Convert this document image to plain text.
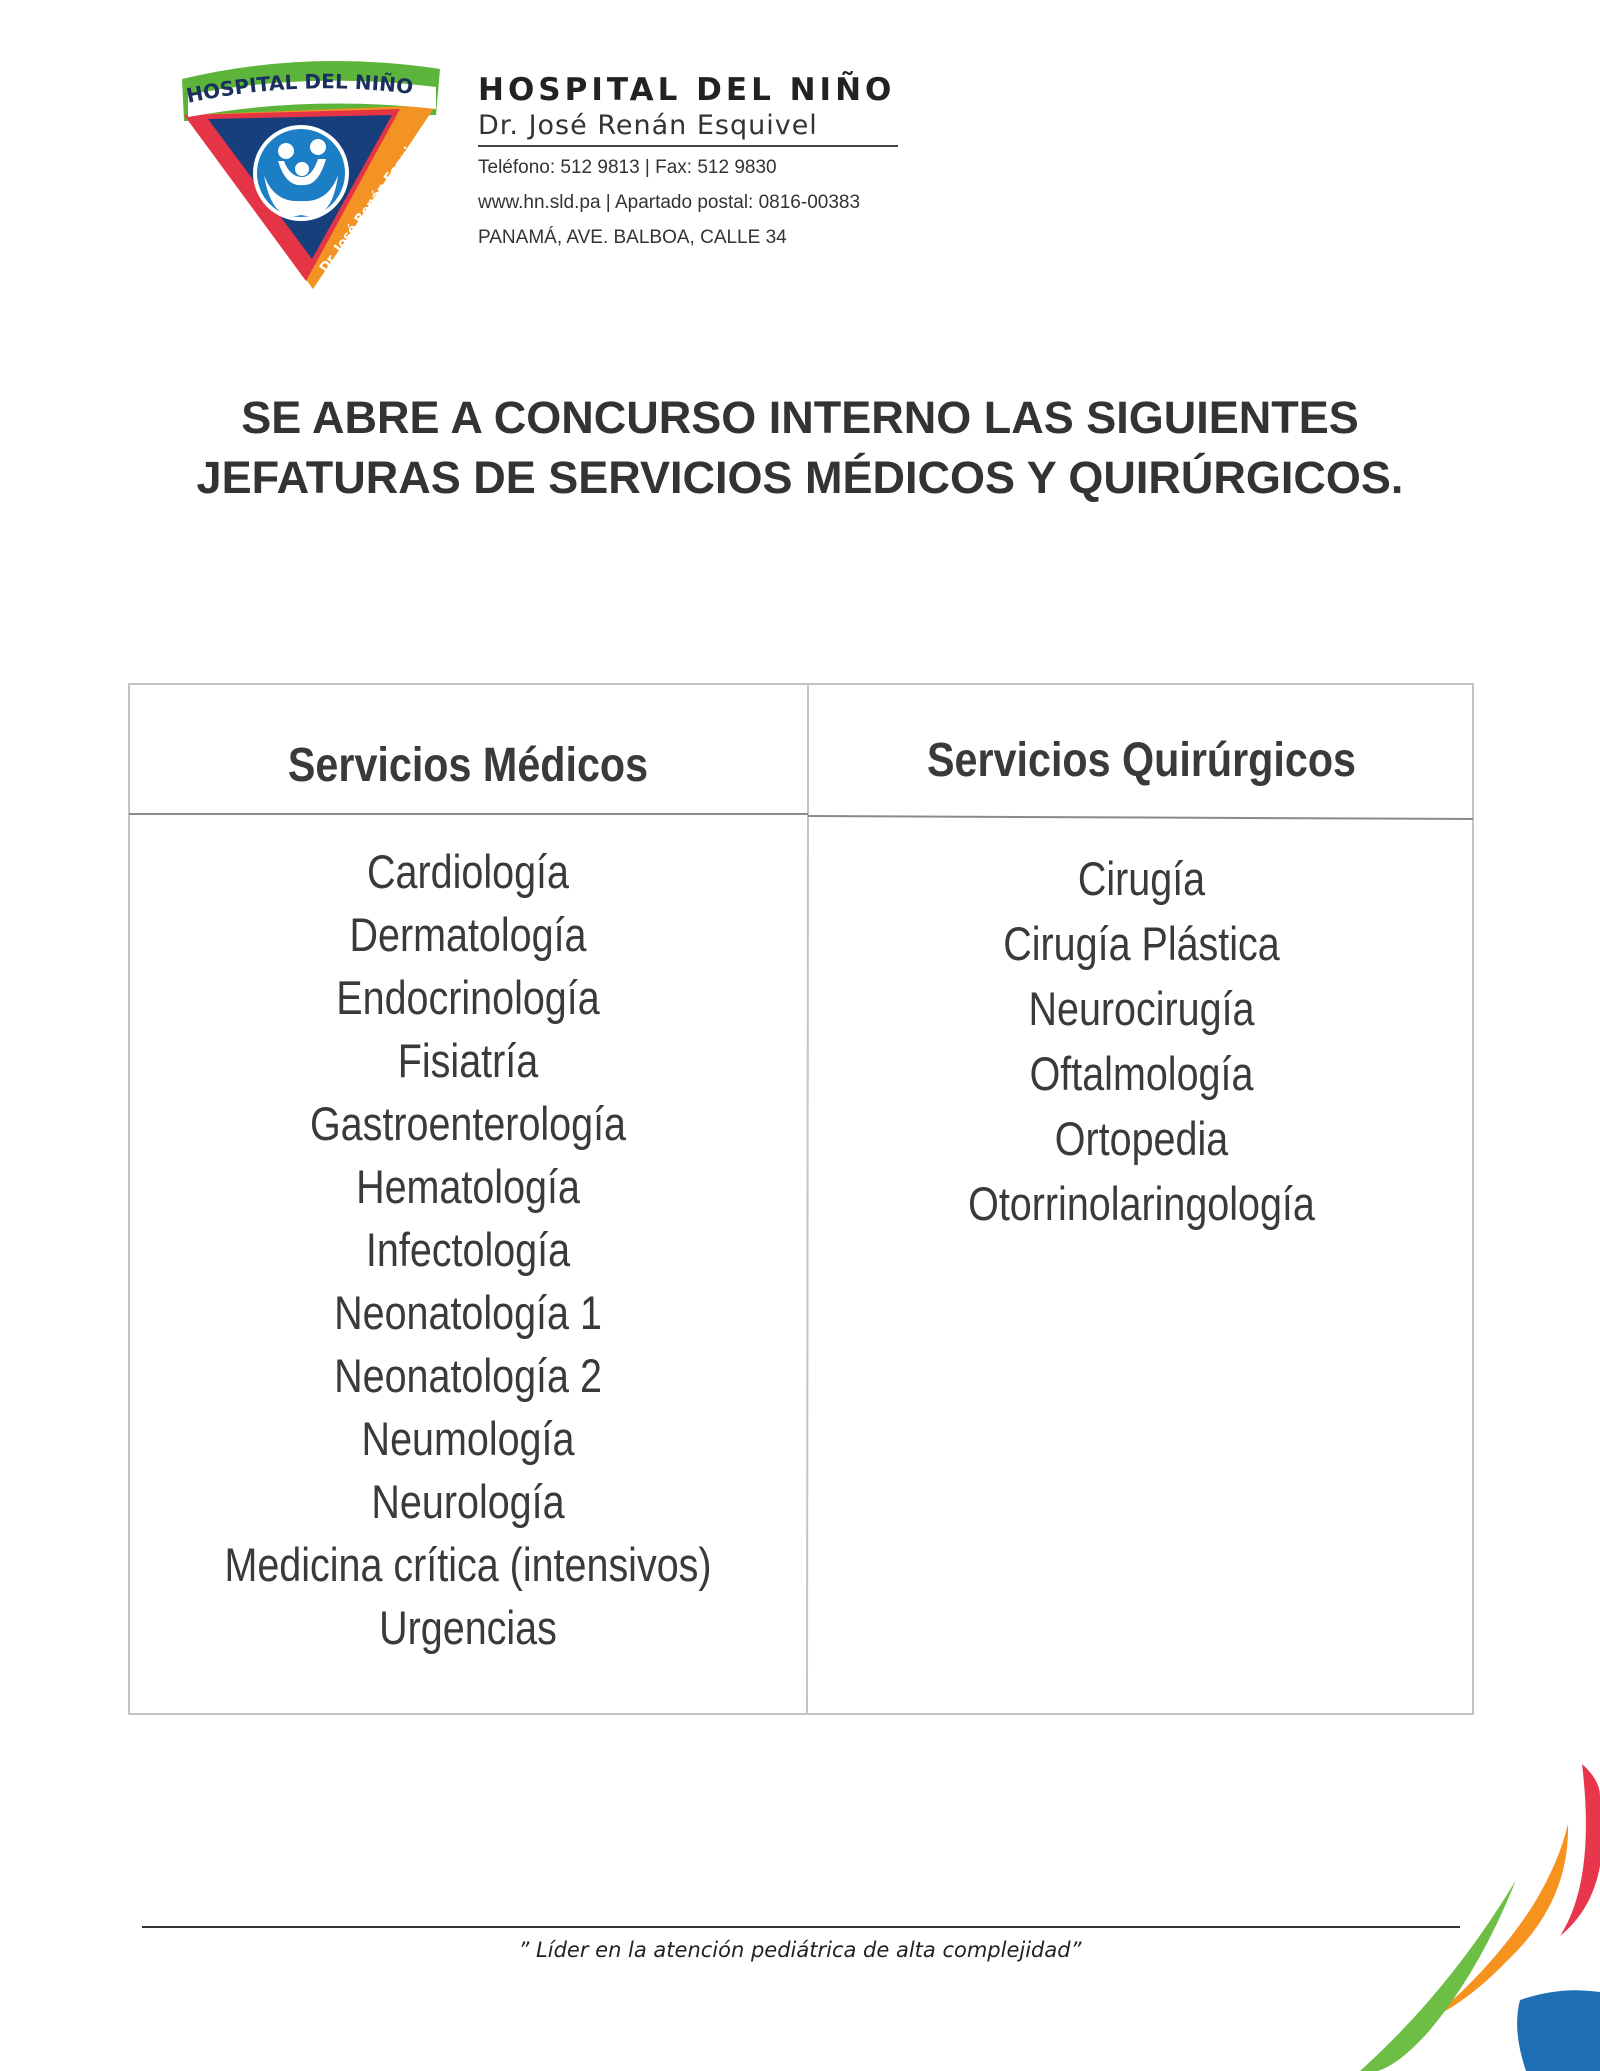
HOSPITAL DEL NIÑO
Dr. José Renán Esquiv
HOSPITAL DEL NIÑO
Dr. José Renán Esquivel
Teléfono: 512 9813 | Fax: 512 9830
www.hn.sld.pa | Apartado postal: 0816-00383
PANAMÁ, AVE. BALBOA, CALLE 34
SE ABRE A CONCURSO INTERNO LAS SIGUIENTES
JEFATURAS DE SERVICIOS MÉDICOS Y QUIRÚRGICOS.
Servicios Médicos	Servicios Quirúrgicos
Cardiología
Dermatología
Endocrinología
Fisiatría
Gastroenterología
Hematología
Infectología
Neonatología 1
Neonatología 2
Neumología
Neurología
Medicina crítica (intensivos)
Urgencias
Cirugía
Cirugía Plástica
Neurocirugía
Oftalmología
Ortopedia
Otorrinolaringología
” Líder en la atención pediátrica de alta complejidad”
